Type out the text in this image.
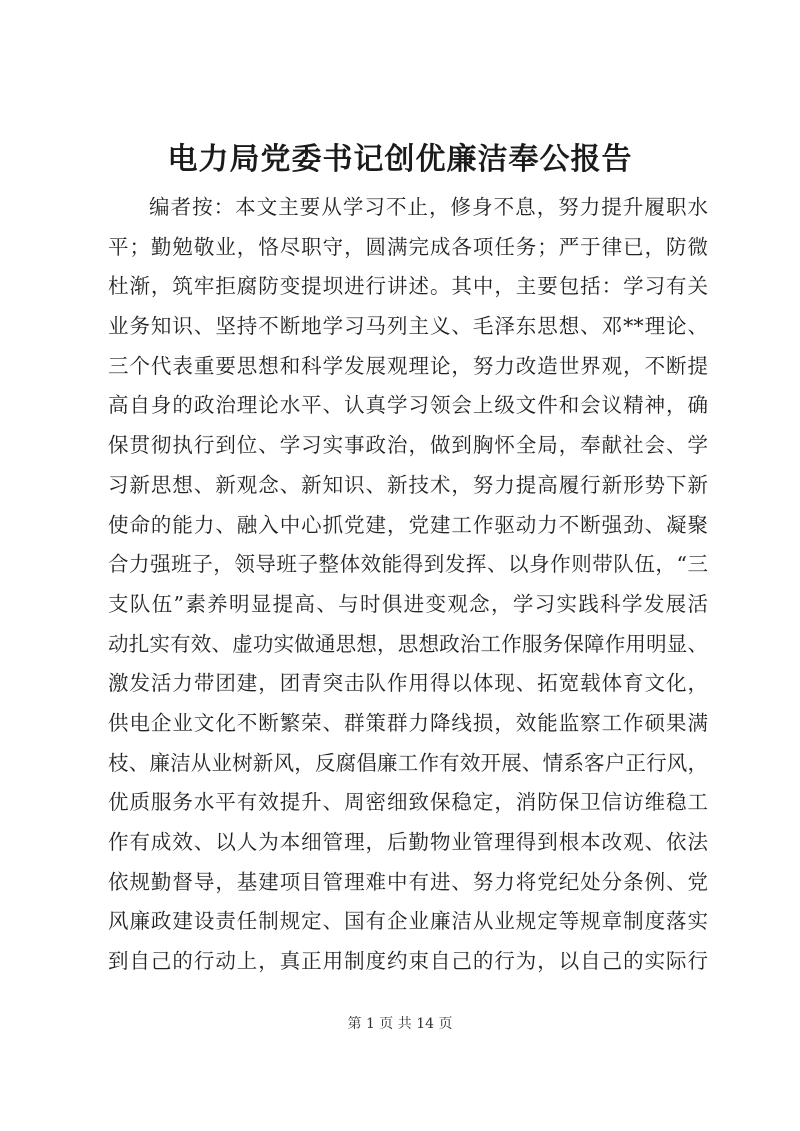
电力局党委书记创优廉洁奉公报告
编者按：本文主要从学习不止，修身不息，努力提升履职水
平；勤勉敬业，恪尽职守，圆满完成各项任务；严于律已，防微
杜渐，筑牢拒腐防变提坝进行讲述。其中，主要包括：学习有关
业务知识、坚持不断地学习马列主义、毛泽东思想、邓**理论、
三个代表重要思想和科学发展观理论，努力改造世界观，不断提
高自身的政治理论水平、认真学习领会上级文件和会议精神，确
保贯彻执行到位、学习实事政治，做到胸怀全局，奉献社会、学
习新思想、新观念、新知识、新技术，努力提高履行新形势下新
使命的能力、融入中心抓党建，党建工作驱动力不断强劲、凝聚
合力强班子，领导班子整体效能得到发挥、以身作则带队伍，“三
支队伍”素养明显提高、与时俱进变观念，学习实践科学发展活
动扎实有效、虚功实做通思想，思想政治工作服务保障作用明显、
激发活力带团建，团青突击队作用得以体现、拓宽载体育文化，
供电企业文化不断繁荣、群策群力降线损，效能监察工作硕果满
枝、廉洁从业树新风，反腐倡廉工作有效开展、情系客户正行风，
优质服务水平有效提升、周密细致保稳定，消防保卫信访维稳工
作有成效、以人为本细管理，后勤物业管理得到根本改观、依法
依规勤督导，基建项目管理难中有进、努力将党纪处分条例、党
风廉政建设责任制规定、国有企业廉洁从业规定等规章制度落实
到自己的行动上，真正用制度约束自己的行为，以自己的实际行
第 1 页 共 14 页
